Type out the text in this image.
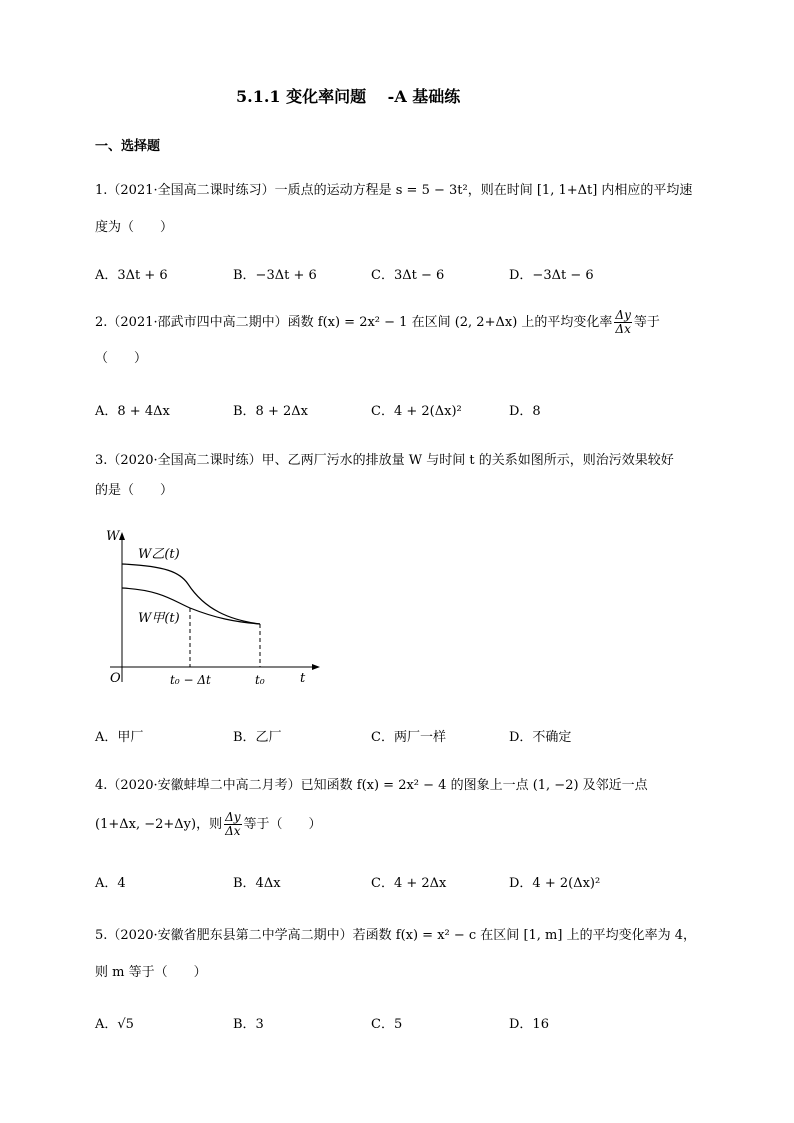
5.1.1 变化率问题　 -A 基础练
一、选择题
1.（2021·全国高二课时练习）一质点的运动方程是 s = 5 − 3t²，则在时间 [1, 1+Δt] 内相应的平均速
度为（　　）
A．3Δt + 6	B．−3Δt + 6	C．3Δt − 6	D．−3Δt − 6
2.（2021·邵武市四中高二期中）函数 f(x) = 2x² − 1 在区间 (2, 2+Δx) 上的平均变化率 $\frac{\Delta y}{\Delta x}$ 等于
（　　）
A．8 + 4Δx	B．8 + 2Δx	C．4 + 2(Δx)²	D．8
3.（2020·全国高二课时练）甲、乙两厂污水的排放量 W 与时间 t 的关系如图所示，则治污效果较好
的是（　　）
W
t
O
W乙(t)
W甲(t)
t₀ − Δt	t₀
A．甲厂	B．乙厂	C．两厂一样	D．不确定
4.（2020·安徽蚌埠二中高二月考）已知函数 f(x) = 2x² − 4 的图象上一点 (1, −2) 及邻近一点
(1+Δx, −2+Δy)，则 $\frac{\Delta y}{\Delta x}$ 等于（　　）
A．4	B．4Δx	C．4 + 2Δx	D．4 + 2(Δx)²
5.（2020·安徽省肥东县第二中学高二期中）若函数 f(x) = x² − c 在区间 [1, m] 上的平均变化率为 4，
则 m 等于（　　）
A．√5	B．3	C．5	D．16
